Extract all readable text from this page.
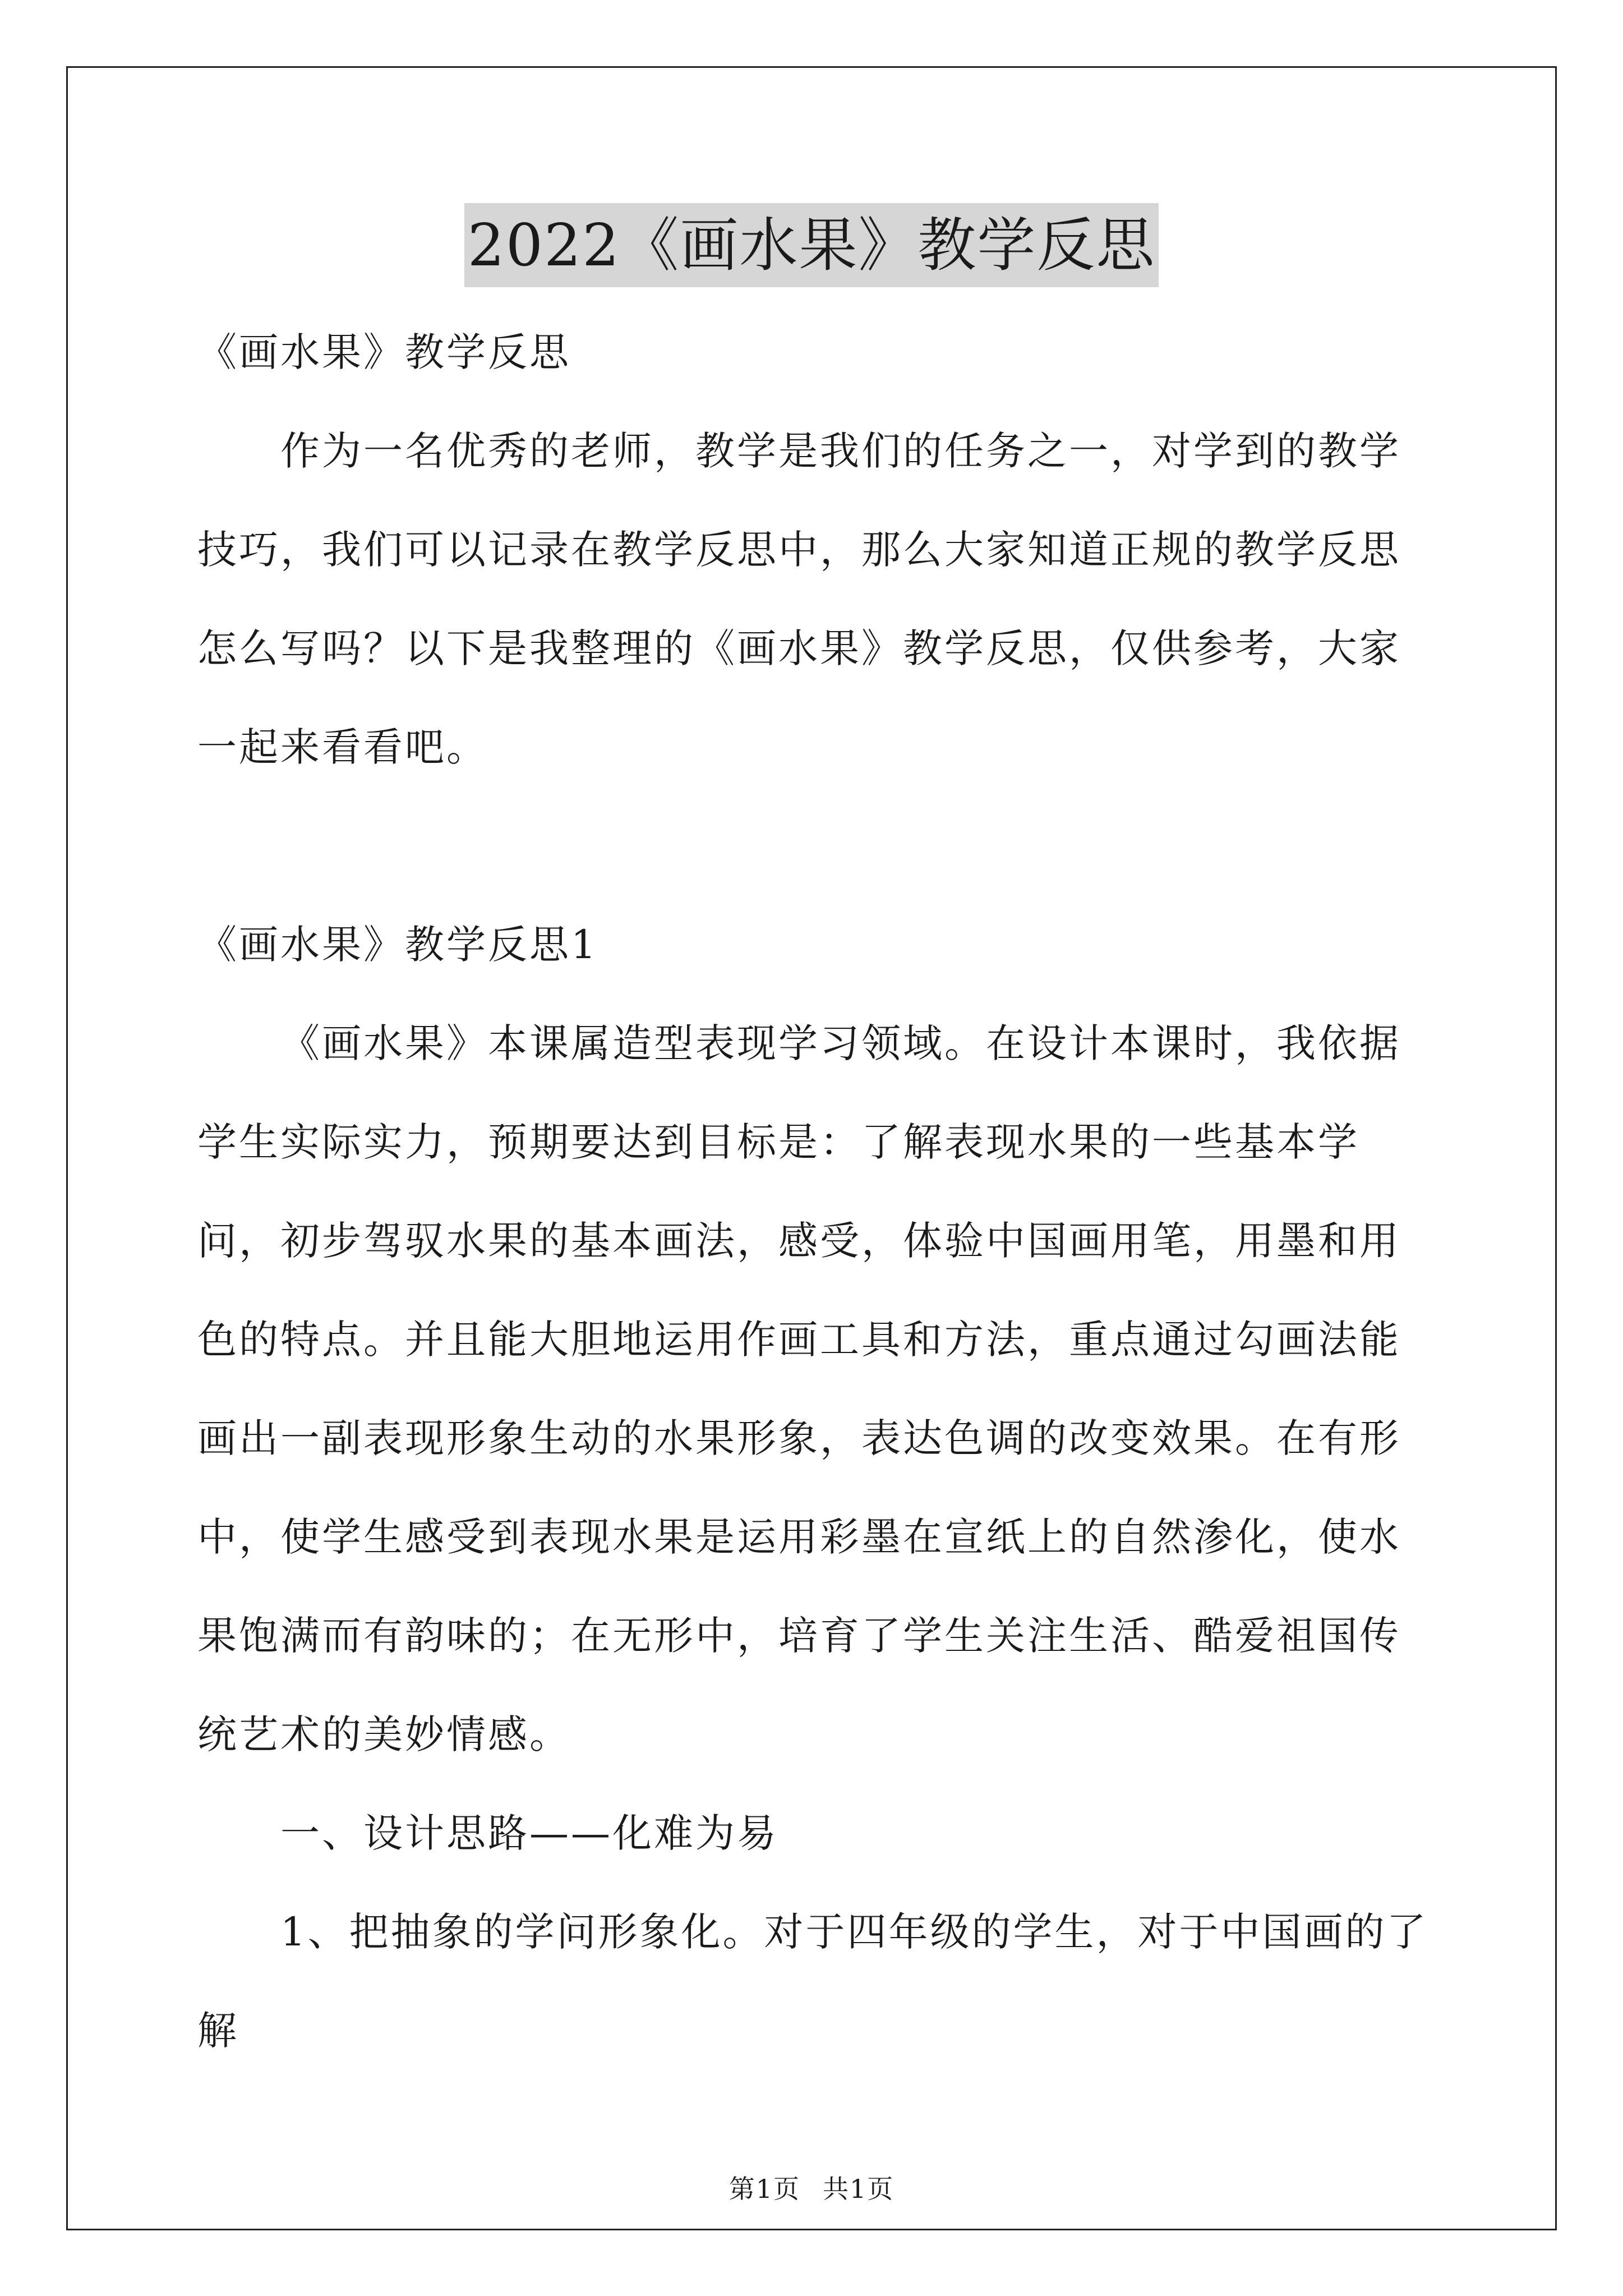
2022《画水果》教学反思

《画水果》教学反思

作为一名优秀的老师，教学是我们的任务之一，对学到的教学技巧，我们可以记录在教学反思中，那么大家知道正规的教学反思怎么写吗？以下是我整理的《画水果》教学反思，仅供参考，大家一起来看看吧。

《画水果》教学反思1

《画水果》本课属造型表现学习领域。在设计本课时，我依据学生实际实力，预期要达到目标是：了解表现水果的一些基本学问，初步驾驭水果的基本画法，感受，体验中国画用笔，用墨和用色的特点。并且能大胆地运用作画工具和方法，重点通过勾画法能画出一副表现形象生动的水果形象，表达色调的改变效果。在有形中，使学生感受到表现水果是运用彩墨在宣纸上的自然渗化，使水果饱满而有韵味的；在无形中，培育了学生关注生活、酷爱祖国传统艺术的美妙情感。

一、设计思路——化难为易

1、把抽象的学问形象化。对于四年级的学生，对于中国画的了解

第1页 共1页
